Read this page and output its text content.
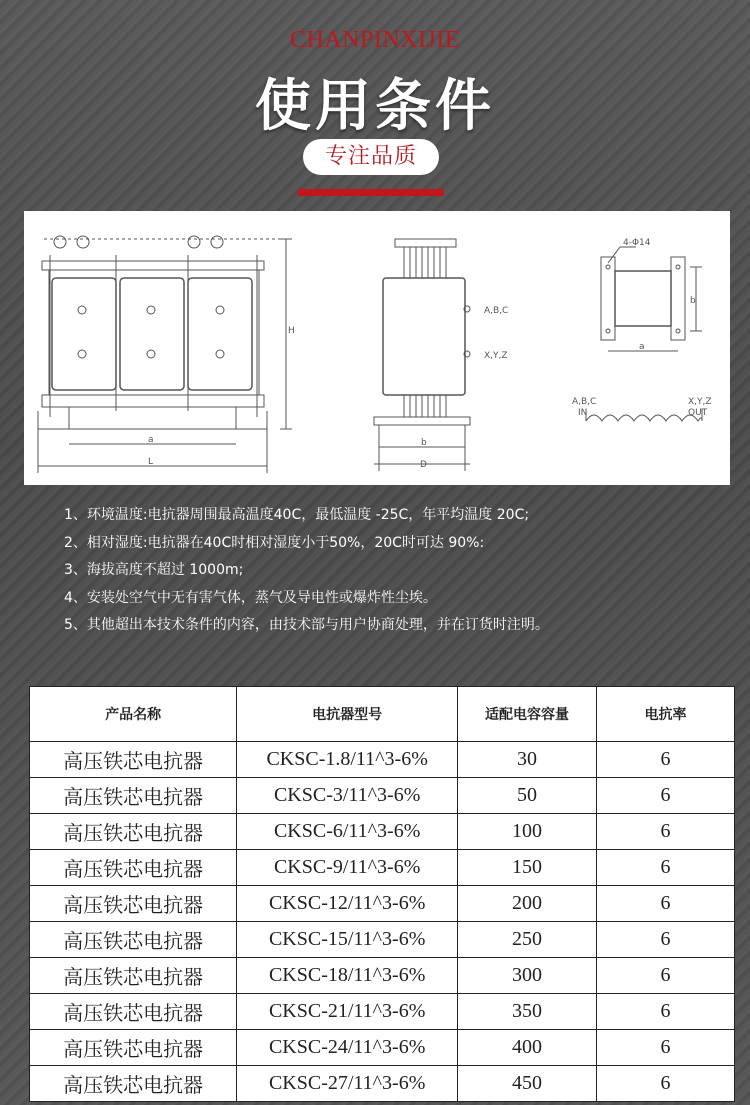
CHANPINXIJIE
使用条件
专注品质
A,B,C
X,Y,Z
4-Φ14
A,B,C
IN
X,Y,Z
OUT
a
L
H
b
D
a
b
1、环境温度:电抗器周围最高温度40C，最低温度 -25C，年平均温度 20C;
2、相对湿度:电抗器在40C时相对湿度小于50%，20C时可达 90%:
3、海拔高度不超过 1000m;
4、安装处空气中无有害气体，蒸气及导电性或爆炸性尘埃。
5、其他超出本技术条件的内容，由技术部与用户协商处理，并在订货时注明。
产品名称	电抗器型号	适配电容容量	电抗率
高压铁芯电抗器	CKSC-1.8/11^3-6%	30	6
高压铁芯电抗器	CKSC-3/11^3-6%	50	6
高压铁芯电抗器	CKSC-6/11^3-6%	100	6
高压铁芯电抗器	CKSC-9/11^3-6%	150	6
高压铁芯电抗器	CKSC-12/11^3-6%	200	6
高压铁芯电抗器	CKSC-15/11^3-6%	250	6
高压铁芯电抗器	CKSC-18/11^3-6%	300	6
高压铁芯电抗器	CKSC-21/11^3-6%	350	6
高压铁芯电抗器	CKSC-24/11^3-6%	400	6
高压铁芯电抗器	CKSC-27/11^3-6%	450	6
